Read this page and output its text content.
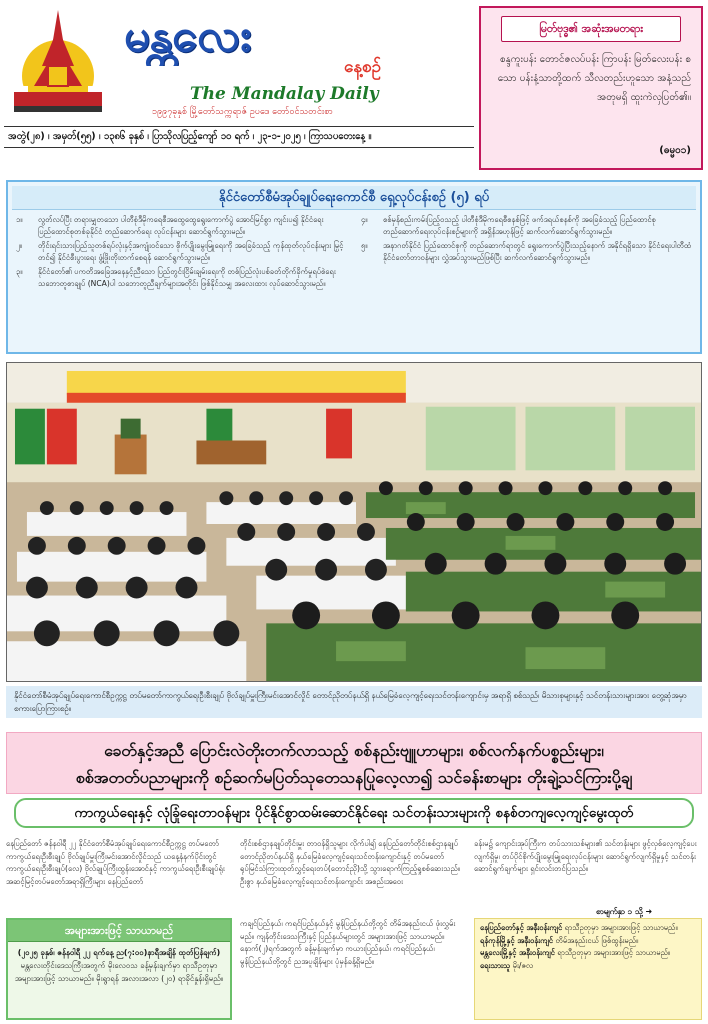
မန္တလေး
နေ့စဉ်
The Mandalay Daily
၁၉၉၇ခုနှစ် မြို့တော်သက္ကရာဇ် ဥပဒေ တော်ဝင်သတင်းစာ
မြတ်ဗုဒ္ဓ၏ အဆုံးအမတရား
စန္ဒကူးပန်း တောင်ဇလပ်ပန်း ကြာပန်း မြတ်လေးပန်း စသော ပန်းနံ့သာတို့ထက် သီလတည်းဟူသော အနံ့သည် အတုမရှိ ထူးကဲလှပြတ်၏။
(ဓမ္မ၀၁)
အတွဲ(၂၈) ၊ အမှတ်(၅၅) ၊ ၁၃၈၆ ခုနှစ် ၊ ပြာသိုလပြည့်ကျော် ၁၀ ရက် ၊ ၂၃-၁-၂၀၂၅ ၊ ကြာသပတေးနေ့ ။
နိုင်ငံတော်စီမံအုပ်ချုပ်ရေးကောင်စီ ရှေ့လုပ်ငန်းစဉ် (၅) ရပ်
၁။	လွတ်လပ်ပြီး တရားမျှတသော ပါတီစုံဒီမိုကရေစီအထွေထွေရွေးကောက်ပွဲ အောင်မြင်စွာ ကျင်းပ၍ နိုင်ငံရေး ပြည်ထောင်စုတစ်ခုနိုင်ငံ တည်ဆောက်ရေး လုပ်ငန်းများ ဆောင်ရွက်သွားမည်။
၂။	တိုင်းရင်းသားပြည်သူတစ်ရပ်လုံးနှင့်အကျုံးဝင်သော စိုက်ပျိုးမွေးမြူရေးကို အခြေခံသည့် ကုန်ထုတ်လုပ်ငန်းများ မြှင့်တင်၍ နိုင်ငံစီးပွားရေး ဖွံ့ဖြိုးတိုးတက်စေရန် ဆောင်ရွက်သွားမည်။
၃။	နိုင်ငံတော်၏ ပကတိအခြေအနေနှင့်ညီသော ပြည်တွင်းငြိမ်းချမ်းရေးကို တစ်ပြည်လုံးပစ်ခတ်တိုက်ခိုက်မှုရပ်စဲရေးသဘောတူစာချုပ် (NCA)ပါ သဘောတူညီချက်များအတိုင်း ဖြစ်နိုင်သမျှ အလေးထား လုပ်ဆောင်သွားမည်။
၄။	စစ်မှန်စည်းကမ်းပြည့်ဝသည့် ပါတီစုံဒီမိုကရေစီစနစ်ဖြင့် ဖက်ဒရယ်စနစ်ကို အခြေခံသည့် ပြည်ထောင်စုတည်ဆောက်ရေးလုပ်ငန်းစဉ်များကို အရှိန်အဟုန်ဖြင့် ဆက်လက်ဆောင်ရွက်သွားမည်။
၅။	အနာဂတ်နိုင်ငံ ပြည်ထောင်စုကို တည်ဆောက်ရာတွင် ရွေးကောက်ပွဲပြီးသည့်နောက် အနိုင်ရရှိသော နိုင်ငံရေးပါတီထံ နိုင်ငံတော်တာဝန်များ လွှဲအပ်သွားမည်ဖြစ်ပြီး ဆက်လက်ဆောင်ရွက်သွားမည်။
နိုင်ငံတော်စီမံအုပ်ချုပ်ရေးကောင်စီဥက္ကဋ္ဌ တပ်မတော်ကာကွယ်ရေးဦးစီးချုပ် ဗိုလ်ချုပ်မှူးကြီးမင်းအောင်လှိုင် တောင်ညိုတပ်နယ်ရှိ နယ်မြေခံလေ့ကျင့်ရေးသင်တန်းကျောင်းမှ အရာရှိ စစ်သည်၊ မိသားစုများနှင့် သင်တန်းသားများအား တွေ့ဆုံအမှာစကားပြောကြားစဉ်။
ခေတ်နှင့်အညီ ပြောင်းလဲတိုးတက်လာသည့် စစ်နည်းဗျူဟာများ၊ စစ်လက်နက်ပစ္စည်းများ၊
စစ်အတတ်ပညာများကို စဉ်ဆက်မပြတ်သုတေသနပြုလေ့လာ၍ သင်ခန်းစာများ တိုးချဲ့သင်ကြားပို့ချ
ကာကွယ်ရေးနှင့် လုံခြုံရေးတာဝန်များ ပိုင်နိုင်စွာထမ်းဆောင်နိုင်ရေး သင်တန်းသားများကို စနစ်တကျလေ့ကျင့်မွေးထုတ်
နေပြည်တော် ဇန်နဝါရီ ၂၂ နိုင်ငံတော်စီမံအုပ်ချုပ်ရေးကောင်စီဥက္ကဋ္ဌ တပ်မတော်ကာကွယ်ရေးဦးစီးချုပ် ဗိုလ်ချုပ်မှူးကြီးမင်းအောင်လှိုင်သည် ယနေ့နံနက်ပိုင်းတွင် ကာကွယ်ရေးဦးစီးချုပ်(လေ) ဗိုလ်ချုပ်ကြီးထွန်းအောင်နှင့် ကာကွယ်ရေးဦးစီးချုပ်ရုံး အဆင့်မြင့်တပ်မတော်အရာရှိကြီးများ နေပြည်တော်
တိုင်းစစ်ဌာနချုပ်တိုင်းမှူး တာဝန်ရှိသူများ လိုက်ပါ၍ နေပြည်တော်တိုင်းစစ်ဌာနချုပ် တောင်ညိုတပ်နယ်ရှိ နယ်မြေခံလေ့ကျင့်ရေးသင်တန်းကျောင်းနှင့် တပ်မတော်ရုပ်မြင်သံကြားထုတ်လွှင့်ရေးတပ်(တောင်ညို)သို့ သွားရောက်ကြည့်ရှုစစ်ဆေးသည်။ ဦးစွာ နယ်မြေခံလေ့ကျင့်ရေးသင်တန်းကျောင်း အစည်းအဝေး
ခန်းမ၌ ကျောင်းအုပ်ကြီးက တပ်သားသစ်များ၏ သင်တန်းများ ဖွင့်လှစ်လေ့ကျင့်ပေးလျက်ရှိမှု၊ တပ်ပိုင်စိုက်ပျိုးမွေးမြူရေးလုပ်ငန်းများ ဆောင်ရွက်လျက်ရှိမှုနှင့် သင်တန်းဆောင်ရွက်ချက်များ ရှင်းလင်းတင်ပြသည်။
စာမျက်နှာ ၁ သို့ ➜
အများအားဖြင့် သာယာမည်
(၂၀၂၅ ခုနှစ်၊ ဇန်နဝါရီ ၂၂ ရက်နေ့ ည(၇:၀၀)နာရီအချိန် ထုတ်ပြန်ချက်)
မန္တလေးတိုင်းဒေသကြီးအတွက် မိုးလေဝသ ခန့်မှန်းချက်မှာ ရာသီဥတုမှာ အများအားဖြင့် သာယာမည်။ မိုးရွာရန် အလားအလာ (၂၀) ရာခိုင်နှုန်းရှိမည်။
ကချင်ပြည်နယ်၊ ကရင်ပြည်နယ်နှင့် မွန်ပြည်နယ်တို့တွင် တိမ်အနည်းငယ် ဖုံးလွှမ်းမည်။ ကျန်တိုင်းဒေသကြီးနှင့် ပြည်နယ်များတွင် အများအားဖြင့် သာယာမည်။ နောက်(၂)ရက်အတွက် ခန့်မှန်းချက်မှာ ကယားပြည်နယ်၊ ကရင်ပြည်နယ်၊ မွန်ပြည်နယ်တို့တွင် ညအပူချိန်များ ပုံမှန်ခန့်ရှိမည်။
နေပြည်တော်နှင့် အနီးဝန်းကျင် ရာသီဥတုမှာ အများအားဖြင့် သာယာမည်။
ရန်ကုန်မြို့နှင့် အနီးဝန်းကျင် တိမ်အနည်းငယ် ဖြစ်ထွန်းမည်။
မန္တလေးမြို့နှင့် အနီးဝန်းကျင် ရာသီဥတုမှာ အများအားဖြင့် သာယာမည်။
ရေးသားသူ မိုး/ဇလ
